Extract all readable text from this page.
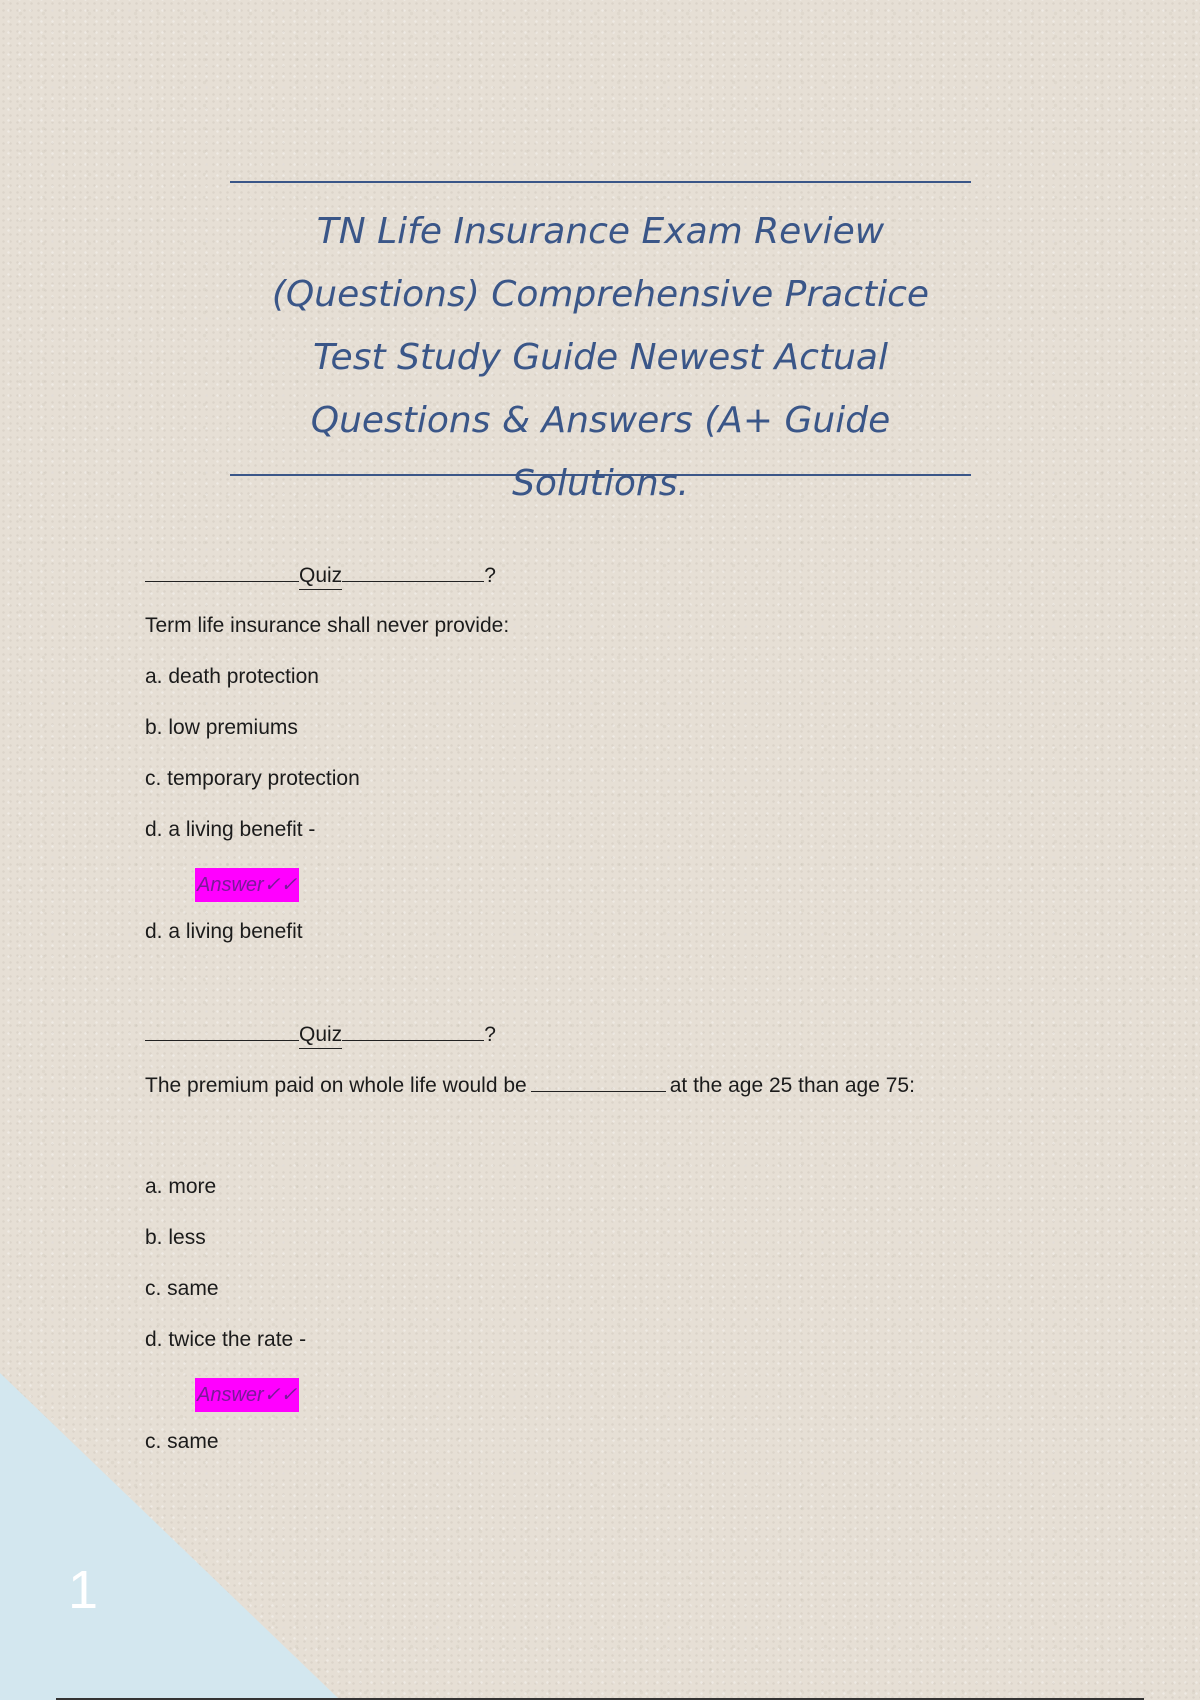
TN Life Insurance Exam Review (Questions) Comprehensive Practice Test Study Guide Newest Actual Questions & Answers (A+ Guide Solutions.
Quiz	?
Term life insurance shall never provide:
a. death protection
b. low premiums
c. temporary protection
d. a living benefit -
Answer✓✓
d. a living benefit
Quiz	?
The premium paid on whole life would be	at the age 25 than age 75:
a. more
b. less
c. same
d. twice the rate -
Answer✓✓
c. same
1
